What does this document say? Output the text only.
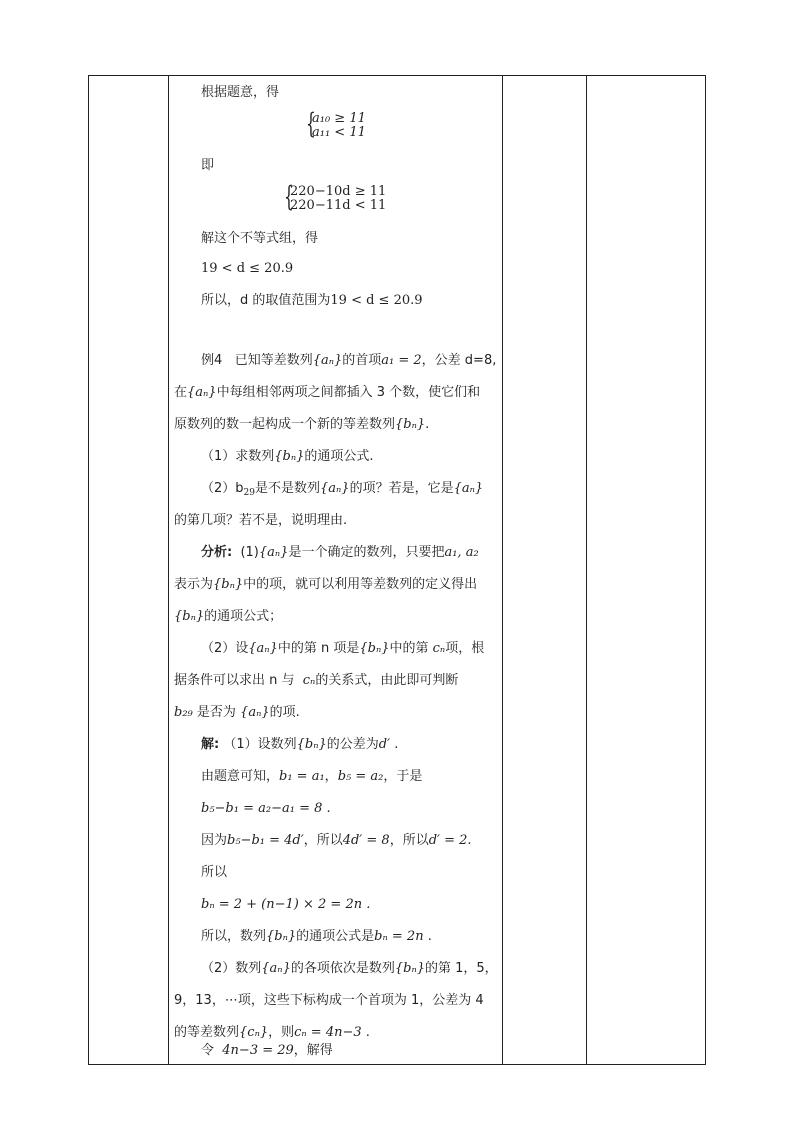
根据题意，得
{
a₁₀ ≥ 11
a₁₁ < 11
即
{
220−10d ≥ 11
220−11d < 11
解这个不等式组，得
19 < d ≤ 20.9
所以，d 的取值范围为19 < d ≤ 20.9
例4 已知等差数列{aₙ}的首项a₁ = 2，公差 d=8,
在{aₙ}中每组相邻两项之间都插入 3 个数，使它们和
原数列的数一起构成一个新的等差数列{bₙ}.
（1）求数列{bₙ}的通项公式.
$(2)b_{29}$是不是数列{aₙ}的项？若是，它是{aₙ}
的第几项？若不是，说明理由.
分析: (1){aₙ}是一个确定的数列，只要把a₁, a₂
表示为{bₙ}中的项，就可以利用等差数列的定义得出
{bₙ}的通项公式；
（2）设{aₙ}中的第 n 项是{bₙ}中的第 cₙ项，根
据条件可以求出 n 与 cₙ的关系式，由此即可判断
b₂₉ 是否为 {aₙ}的项.
解: （1）设数列{bₙ}的公差为d′ .
由题意可知，b₁ = a₁，b₅ = a₂，于是
b₅−b₁ = a₂−a₁ = 8 .
因为b₅−b₁ = 4d′，所以4d′ = 8，所以d′ = 2.
所以
bₙ = 2 + (n−1) × 2 = 2n .
所以，数列{bₙ}的通项公式是bₙ = 2n .
（2）数列{aₙ}的各项依次是数列{bₙ}的第 1，5，
9，13，⋯项，这些下标构成一个首项为 1，公差为 4
的等差数列{cₙ}，则cₙ = 4n−3 .
令 4n−3 = 29，解得
